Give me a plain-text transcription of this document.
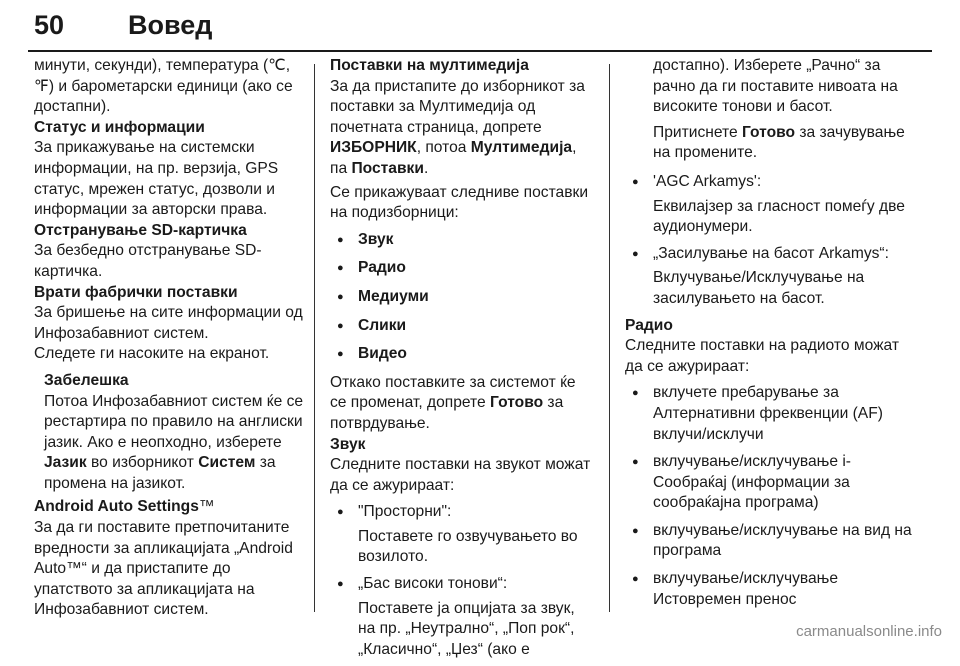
50 Вовед

минути, секунди), температура (℃, ℉) и барометарски единици (ако се достапни).

Статус и информации

За прикажување на системски информации, на пр. верзија, GPS статус, мрежен статус, дозволи и информации за авторски права.

Отстранување SD-картичка

За безбедно отстранување SD-картичка.

Врати фабрички поставки

За бришење на сите информации од Инфозабавниот систем.

Следете ги насоките на екранот.

Забелешка

Потоа Инфозабавниот систем ќе се рестартира по правило на англиски јазик. Ако е неопходно, изберете Јазик во изборникот Систем за промена на јазикот.

Android Auto Settings™

За да ги поставите претпочитаните вредности за апликацијата „Android Auto™“ и да пристапите до упатството за апликацијата на Инфозабавниот систем.

Поставки на мултимедија

За да пристапите до изборникот за поставки за Мултимедија од почетната страница, допрете ИЗБОРНИК, потоа Мултимедија, па Поставки.

Се прикажуваат следниве поставки на подизборници:

● Звук
● Радио
● Медиуми
● Слики
● Видео

Откако поставките за системот ќе се променат, допрете Готово за потврдување.

Звук

Следните поставки на звукот можат да се ажурираат:

● "Просторни":

Поставете го озвучувањето во возилото.

● „Бас високи тонови“:

Поставете ја опцијата за звук, на пр. „Неутрално“, „Поп рок“, „Класично“, „Џез“ (ако е

достапно). Изберете „Рачно“ за рачно да ги поставите нивоата на високите тонови и басот.

Притиснете Готово за зачувување на промените.

● 'AGC Arkamys':

Еквилајзер за гласност помеѓу две аудионумери.

● „Засилување на басот Arkamys“:

Вклучување/Исклучување на засилувањето на басот.

Радио

Следните поставки на радиото можат да се ажурираат:

● вклучете пребарување за Алтернативни фреквенции (AF) вклучи/исклучи
● вклучување/исклучување i-Сообраќај (информации за сообраќајна програма)
● вклучување/исклучување на вид на програма
● вклучување/исклучување Истовремен пренос
carmanualsonline.info
